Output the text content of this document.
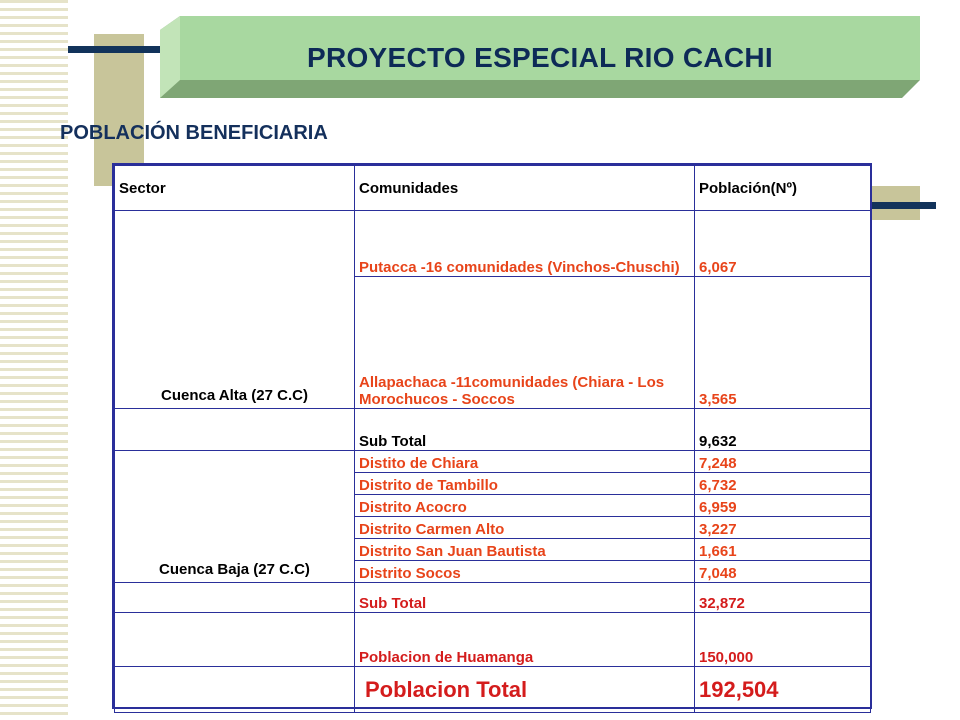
PROYECTO ESPECIAL RIO CACHI
POBLACIÓN BENEFICIARIA
Sector	Comunidades	Población(Nº)
Cuenca Alta (27 C.C)	Putacca -16 comunidades (Vinchos-Chuschi)	6,067
	Allapachaca -11comunidades (Chiara - Los Morochucos - Soccos	3,565
	Sub Total	9,632
Cuenca Baja (27 C.C)	Distito de Chiara	7,248
	Distrito de Tambillo	6,732
	Distrito Acocro	6,959
	Distrito Carmen Alto	3,227
	Distrito San Juan Bautista	1,661
	Distrito Socos	7,048
	Sub Total	32,872
	Poblacion de Huamanga	150,000
	Poblacion Total	192,504
